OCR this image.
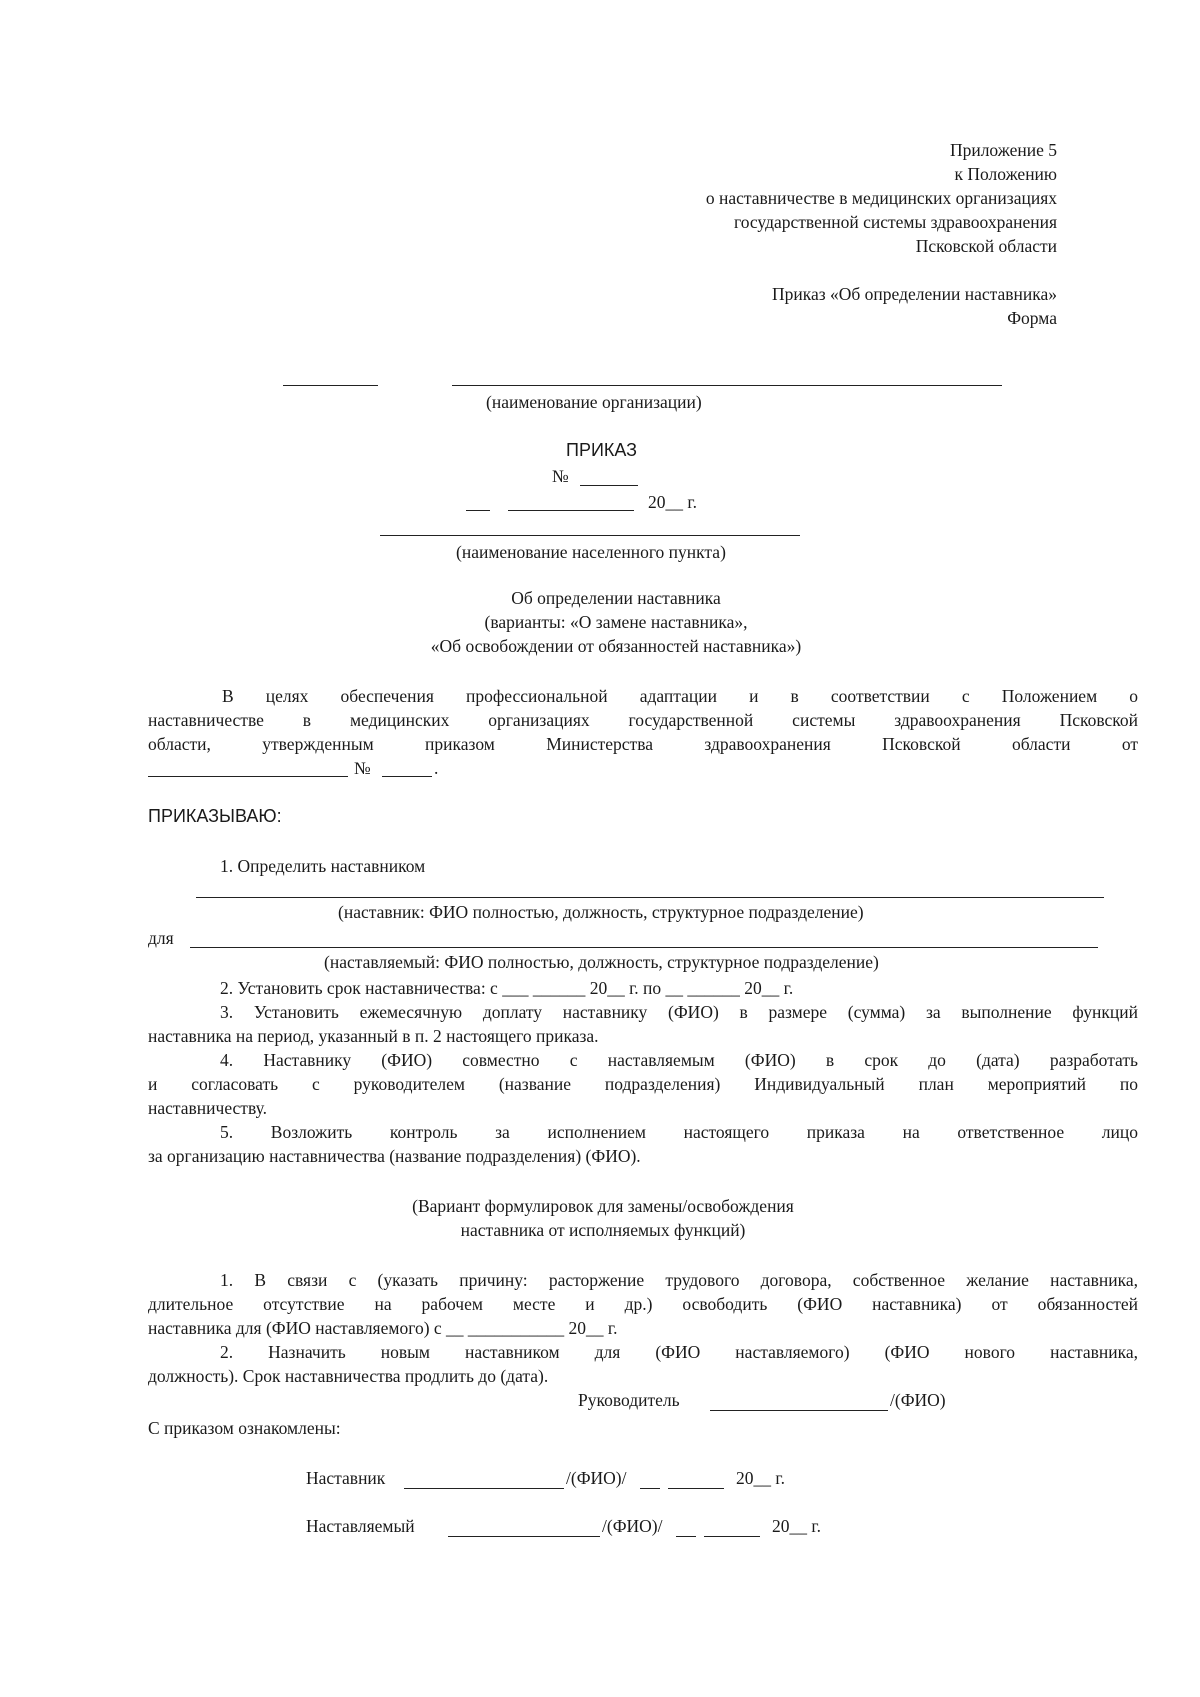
Приложение 5
к Положению
о наставничестве в медицинских организациях
государственной системы здравоохранения
Псковской области
Приказ «Об определении наставника»
Форма
(наименование организации)
ПРИКАЗ
№
20__ г.
(наименование населенного пункта)
Об определении наставника
(варианты: «О замене наставника»,
«Об освобождении от обязанностей наставника»)
В целях обеспечения профессиональной адаптации и в соответствии с Положением о
наставничестве в медицинских организациях государственной системы здравоохранения Псковской
области, утвержденным приказом Министерства здравоохранения Псковской области от
№	.
ПРИКАЗЫВАЮ:
1. Определить наставником
(наставник: ФИО полностью, должность, структурное подразделение)
для
(наставляемый: ФИО полностью, должность, структурное подразделение)
2. Установить срок наставничества: с ___ ______ 20__ г. по __ ______ 20__ г.
3. Установить ежемесячную доплату наставнику (ФИО) в размере (сумма) за выполнение функций
наставника на период, указанный в п. 2 настоящего приказа.
4. Наставнику (ФИО) совместно с наставляемым (ФИО) в срок до (дата) разработать
и согласовать с руководителем (название подразделения) Индивидуальный план мероприятий по
наставничеству.
5. Возложить контроль за исполнением настоящего приказа на ответственное лицо
за организацию наставничества (название подразделения) (ФИО).
(Вариант формулировок для замены/освобождения
наставника от исполняемых функций)
1. В связи с (указать причину: расторжение трудового договора, собственное желание наставника,
длительное отсутствие на рабочем месте и др.) освободить (ФИО наставника) от обязанностей
наставника для (ФИО наставляемого) с __ ___________ 20__ г.
2. Назначить новым наставником для (ФИО наставляемого) (ФИО нового наставника,
должность). Срок наставничества продлить до (дата).
Руководитель	/(ФИО)
С приказом ознакомлены:
Наставник	/(ФИО)/	20__ г.
Наставляемый	/(ФИО)/	20__ г.
